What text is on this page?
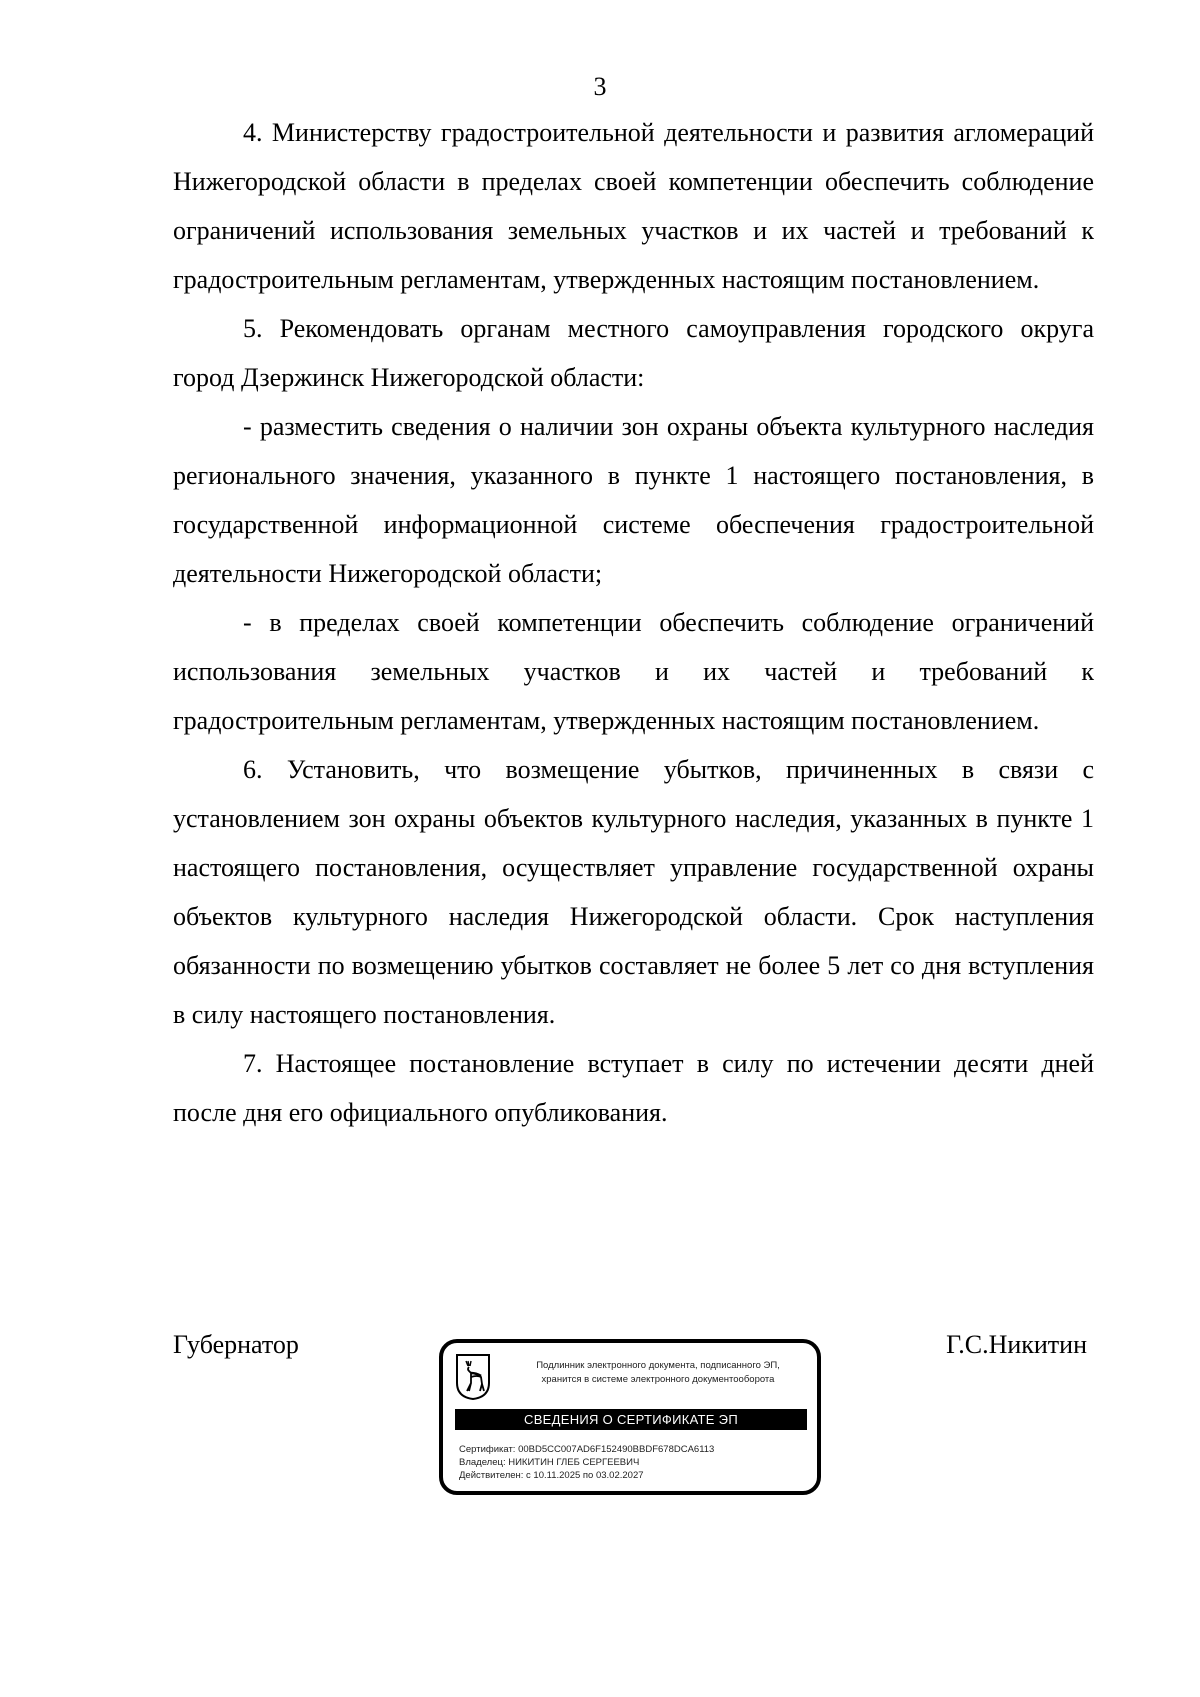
3

4. Министерству градостроительной деятельности и развития агломераций Нижегородской области в пределах своей компетенции обеспечить соблюдение ограничений использования земельных участков и их частей и требований к градостроительным регламентам, утвержденных настоящим постановлением.

5. Рекомендовать органам местного самоуправления городского округа город Дзержинск Нижегородской области:

- разместить сведения о наличии зон охраны объекта культурного наследия регионального значения, указанного в пункте 1 настоящего постановления, в государственной информационной системе обеспечения градостроительной деятельности Нижегородской области;

- в пределах своей компетенции обеспечить соблюдение ограничений использования земельных участков и их частей и требований к градостроительным регламентам, утвержденных настоящим постановлением.

6. Установить, что возмещение убытков, причиненных в связи с установлением зон охраны объектов культурного наследия, указанных в пункте 1 настоящего постановления, осуществляет управление государственной охраны объектов культурного наследия Нижегородской области. Срок наступления обязанности по возмещению убытков составляет не более 5 лет со дня вступления в силу настоящего постановления.

7. Настоящее постановление вступает в силу по истечении десяти дней после дня его официального опубликования.

Губернатор	Г.С.Никитин
Подлинник электронного документа, подписанного ЭП,
хранится в системе электронного документооборота
СВЕДЕНИЯ О СЕРТИФИКАТЕ ЭП
Сертификат: 00BD5CC007AD6F152490BBDF678DCA6113
Владелец: НИКИТИН ГЛЕБ СЕРГЕЕВИЧ
Действителен: с 10.11.2025 по 03.02.2027
